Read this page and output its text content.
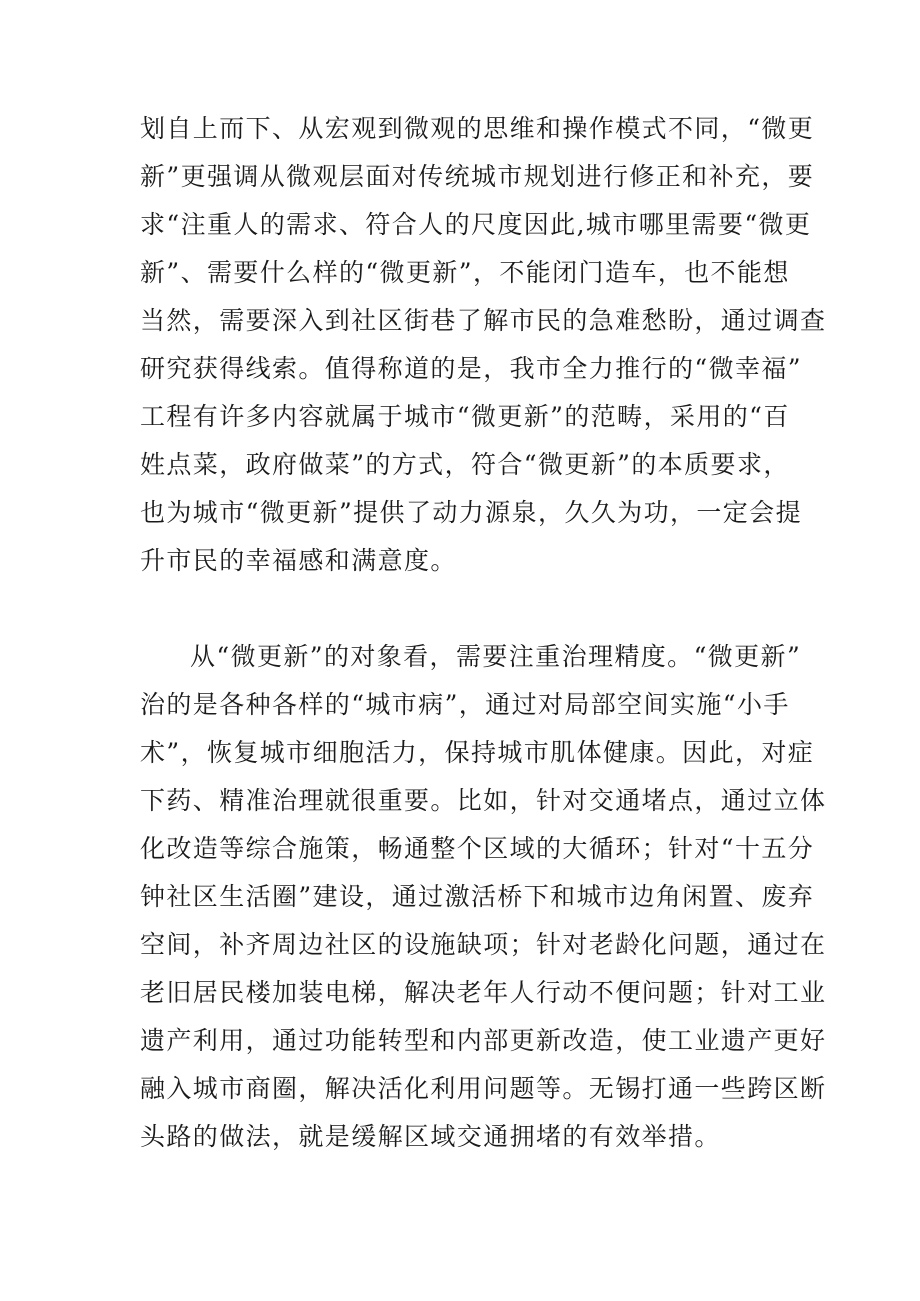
划自上而下、从宏观到微观的思维和操作模式不同，“微更
新”更强调从微观层面对传统城市规划进行修正和补充，要
求“注重人的需求、符合人的尺度因此,城市哪里需要“微更
新”、需要什么样的“微更新”，不能闭门造车，也不能想
当然，需要深入到社区街巷了解市民的急难愁盼，通过调查
研究获得线索。值得称道的是，我市全力推行的“微幸福”
工程有许多内容就属于城市“微更新”的范畴，采用的“百
姓点菜，政府做菜”的方式，符合“微更新”的本质要求，
也为城市“微更新”提供了动力源泉，久久为功，一定会提
升市民的幸福感和满意度。
从“微更新”的对象看，需要注重治理精度。“微更新”
治的是各种各样的“城市病”，通过对局部空间实施“小手
术”，恢复城市细胞活力，保持城市肌体健康。因此，对症
下药、精准治理就很重要。比如，针对交通堵点，通过立体
化改造等综合施策，畅通整个区域的大循环；针对“十五分
钟社区生活圈”建设，通过激活桥下和城市边角闲置、废弃
空间，补齐周边社区的设施缺项；针对老龄化问题，通过在
老旧居民楼加装电梯，解决老年人行动不便问题；针对工业
遗产利用，通过功能转型和内部更新改造，使工业遗产更好
融入城市商圈，解决活化利用问题等。无锡打通一些跨区断
头路的做法，就是缓解区域交通拥堵的有效举措。
